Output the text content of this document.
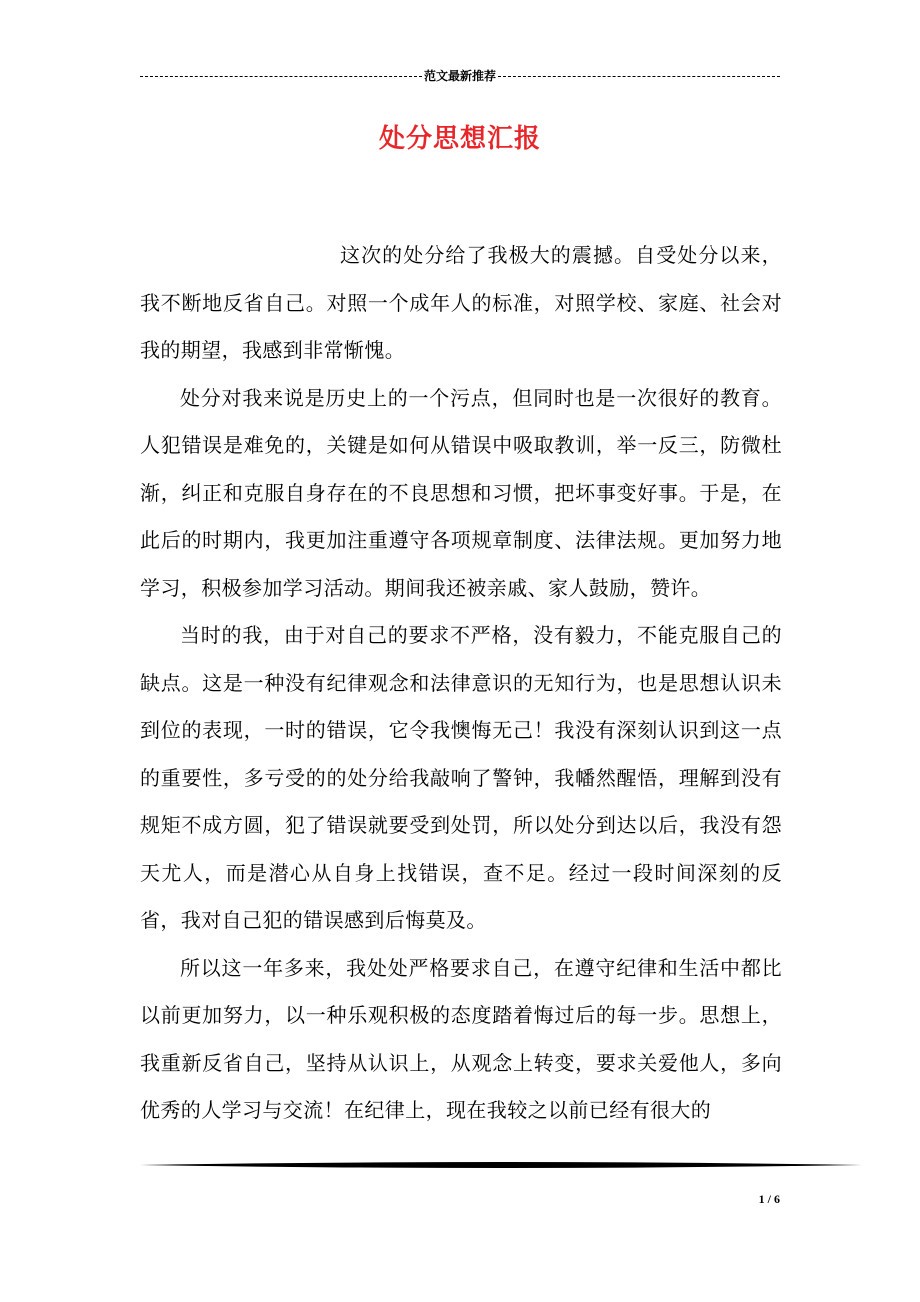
范文最新推荐
处分思想汇报

这次的处分给了我极大的震撼。自受处分以来，我不断地反省自己。对照一个成年人的标准，对照学校、家庭、社会对我的期望，我感到非常惭愧。

处分对我来说是历史上的一个污点，但同时也是一次很好的教育。人犯错误是难免的，关键是如何从错误中吸取教训，举一反三，防微杜渐，纠正和克服自身存在的不良思想和习惯，把坏事变好事。于是，在此后的时期内，我更加注重遵守各项规章制度、法律法规。更加努力地学习，积极参加学习活动。期间我还被亲戚、家人鼓励，赞许。

当时的我，由于对自己的要求不严格，没有毅力，不能克服自己的缺点。这是一种没有纪律观念和法律意识的无知行为，也是思想认识未到位的表现，一时的错误，它令我懊悔无己！我没有深刻认识到这一点的重要性，多亏受的的处分给我敲响了警钟，我幡然醒悟，理解到没有规矩不成方圆，犯了错误就要受到处罚，所以处分到达以后，我没有怨天尤人，而是潜心从自身上找错误，查不足。经过一段时间深刻的反省，我对自己犯的错误感到后悔莫及。

所以这一年多来，我处处严格要求自己，在遵守纪律和生活中都比以前更加努力，以一种乐观积极的态度踏着悔过后的每一步。思想上，我重新反省自己，坚持从认识上，从观念上转变，要求关爱他人，多向优秀的人学习与交流！在纪律上，现在我较之以前已经有很大的

1 / 6
